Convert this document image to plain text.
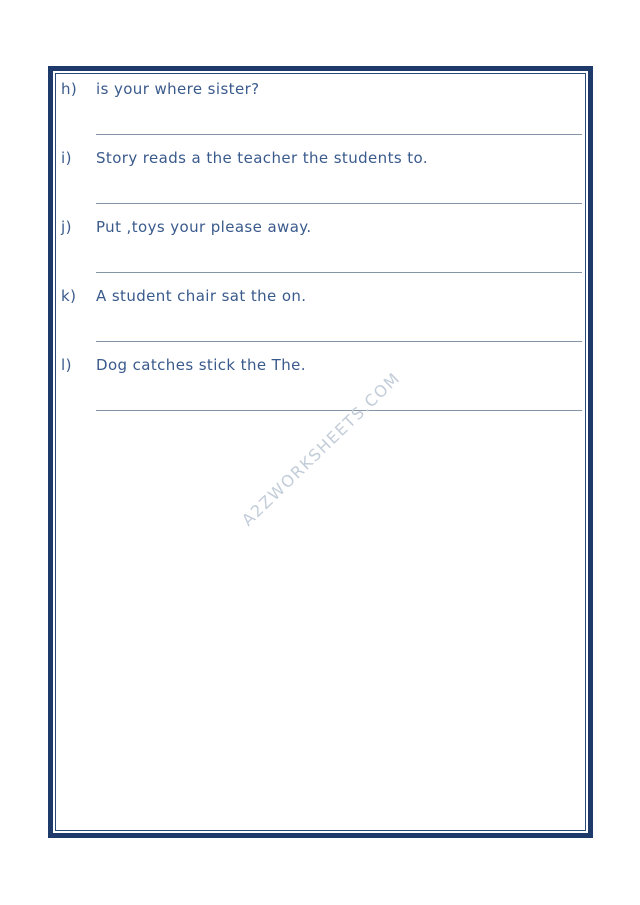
h) is your where sister?
i) Story reads a the teacher the students to.
j) Put ,toys your please away.
k) A student chair sat the on.
l) Dog catches stick the The.
A2ZWORKSHEETS.COM
